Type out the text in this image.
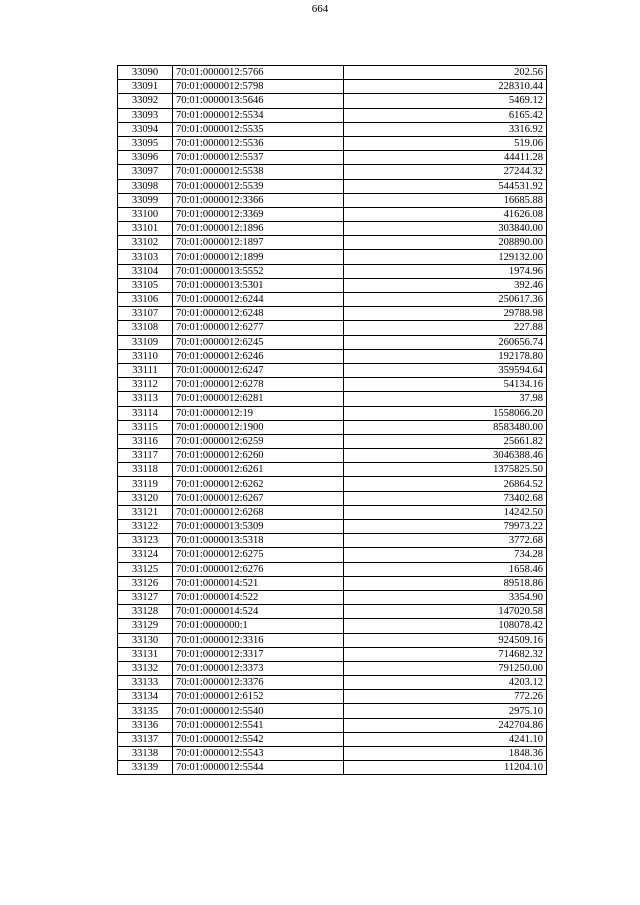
664
33090	70:01:0000012:5766	202.56
33091	70:01:0000012:5798	228310.44
33092	70:01:0000013:5646	5469.12
33093	70:01:0000012:5534	6165.42
33094	70:01:0000012:5535	3316.92
33095	70:01:0000012:5536	519.06
33096	70:01:0000012:5537	44411.28
33097	70:01:0000012:5538	27244.32
33098	70:01:0000012:5539	544531.92
33099	70:01:0000012:3366	16685.88
33100	70:01:0000012:3369	41626.08
33101	70:01:0000012:1896	303840.00
33102	70:01:0000012:1897	208890.00
33103	70:01:0000012:1899	129132.00
33104	70:01:0000013:5552	1974.96
33105	70:01:0000013:5301	392.46
33106	70:01:0000012:6244	250617.36
33107	70:01:0000012:6248	29788.98
33108	70:01:0000012:6277	227.88
33109	70:01:0000012:6245	260656.74
33110	70:01:0000012:6246	192178.80
33111	70:01:0000012:6247	359594.64
33112	70:01:0000012:6278	54134.16
33113	70:01:0000012:6281	37.98
33114	70:01:0000012:19	1558066.20
33115	70:01:0000012:1900	8583480.00
33116	70:01:0000012:6259	25661.82
33117	70:01:0000012:6260	3046388.46
33118	70:01:0000012:6261	1375825.50
33119	70:01:0000012:6262	26864.52
33120	70:01:0000012:6267	73402.68
33121	70:01:0000012:6268	14242.50
33122	70:01:0000013:5309	79973.22
33123	70:01:0000013:5318	3772.68
33124	70:01:0000012:6275	734.28
33125	70:01:0000012:6276	1658.46
33126	70:01:0000014:521	89518.86
33127	70:01:0000014:522	3354.90
33128	70:01:0000014:524	147020.58
33129	70:01:0000000:1	108078.42
33130	70:01:0000012:3316	924509.16
33131	70:01:0000012:3317	714682.32
33132	70:01:0000012:3373	791250.00
33133	70:01:0000012:3376	4203.12
33134	70:01:0000012:6152	772.26
33135	70:01:0000012:5540	2975.10
33136	70:01:0000012:5541	242704.86
33137	70:01:0000012:5542	4241.10
33138	70:01:0000012:5543	1848.36
33139	70:01:0000012:5544	11204.10
